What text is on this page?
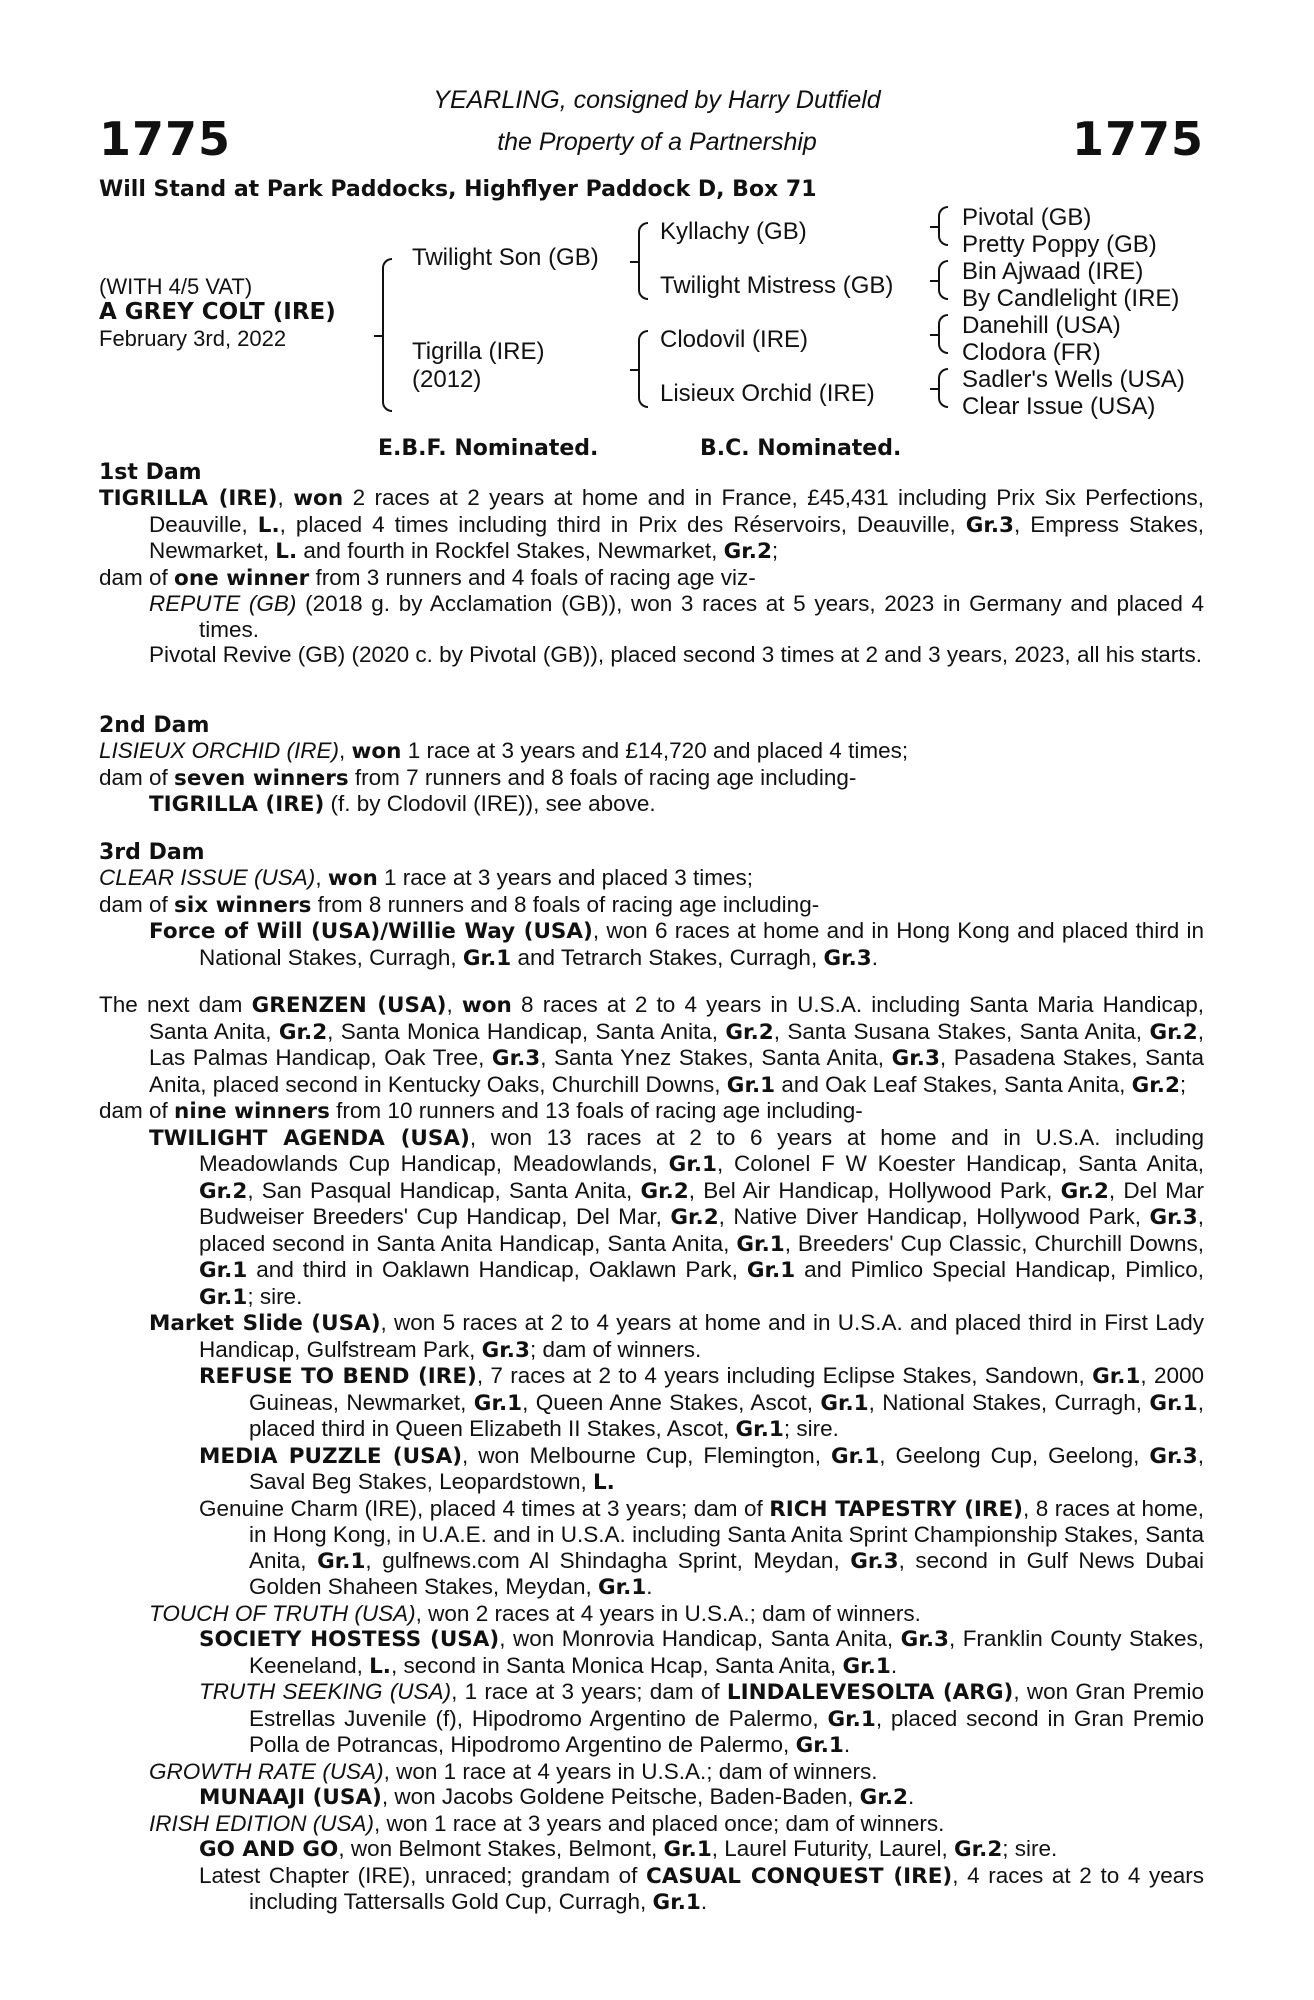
1775	1775
YEARLING, consigned by Harry Dutfield
the Property of a Partnership
Will Stand at Park Paddocks, Highflyer Paddock D, Box 71
(WITH 4/5 VAT)
A GREY COLT (IRE)
February 3rd, 2022
Twilight Son (GB)
Tigrilla (IRE)
(2012)
Kyllachy (GB)
Twilight Mistress (GB)
Clodovil (IRE)
Lisieux Orchid (IRE)
Pivotal (GB)
Pretty Poppy (GB)
Bin Ajwaad (IRE)
By Candlelight (IRE)
Danehill (USA)
Clodora (FR)
Sadler's Wells (USA)
Clear Issue (USA)
E.B.F. Nominated.	B.C. Nominated.
1st Dam

TIGRILLA (IRE), won 2 races at 2 years at home and in France, £45,431 including Prix Six Perfections, Deauville, L., placed 4 times including third in Prix des Réservoirs, Deauville, Gr.3, Empress Stakes, Newmarket, L. and fourth in Rockfel Stakes, Newmarket, Gr.2;

dam of one winner from 3 runners and 4 foals of racing age viz-

REPUTE (GB) (2018 g. by Acclamation (GB)), won 3 races at 5 years, 2023 in Germany and placed 4 times.

Pivotal Revive (GB) (2020 c. by Pivotal (GB)), placed second 3 times at 2 and 3 years, 2023, all his starts.

2nd Dam

LISIEUX ORCHID (IRE), won 1 race at 3 years and £14,720 and placed 4 times;

dam of seven winners from 7 runners and 8 foals of racing age including-

TIGRILLA (IRE) (f. by Clodovil (IRE)), see above.

3rd Dam

CLEAR ISSUE (USA), won 1 race at 3 years and placed 3 times;

dam of six winners from 8 runners and 8 foals of racing age including-

Force of Will (USA)/Willie Way (USA), won 6 races at home and in Hong Kong and placed third in National Stakes, Curragh, Gr.1 and Tetrarch Stakes, Curragh, Gr.3.

The next dam GRENZEN (USA), won 8 races at 2 to 4 years in U.S.A. including Santa Maria Handicap, Santa Anita, Gr.2, Santa Monica Handicap, Santa Anita, Gr.2, Santa Susana Stakes, Santa Anita, Gr.2, Las Palmas Handicap, Oak Tree, Gr.3, Santa Ynez Stakes, Santa Anita, Gr.3, Pasadena Stakes, Santa Anita, placed second in Kentucky Oaks, Churchill Downs, Gr.1 and Oak Leaf Stakes, Santa Anita, Gr.2;

dam of nine winners from 10 runners and 13 foals of racing age including-

TWILIGHT AGENDA (USA), won 13 races at 2 to 6 years at home and in U.S.A. including Meadowlands Cup Handicap, Meadowlands, Gr.1, Colonel F W Koester Handicap, Santa Anita, Gr.2, San Pasqual Handicap, Santa Anita, Gr.2, Bel Air Handicap, Hollywood Park, Gr.2, Del Mar Budweiser Breeders' Cup Handicap, Del Mar, Gr.2, Native Diver Handicap, Hollywood Park, Gr.3, placed second in Santa Anita Handicap, Santa Anita, Gr.1, Breeders' Cup Classic, Churchill Downs, Gr.1 and third in Oaklawn Handicap, Oaklawn Park, Gr.1 and Pimlico Special Handicap, Pimlico, Gr.1; sire.

Market Slide (USA), won 5 races at 2 to 4 years at home and in U.S.A. and placed third in First Lady Handicap, Gulfstream Park, Gr.3; dam of winners.

REFUSE TO BEND (IRE), 7 races at 2 to 4 years including Eclipse Stakes, Sandown, Gr.1, 2000 Guineas, Newmarket, Gr.1, Queen Anne Stakes, Ascot, Gr.1, National Stakes, Curragh, Gr.1, placed third in Queen Elizabeth II Stakes, Ascot, Gr.1; sire.

MEDIA PUZZLE (USA), won Melbourne Cup, Flemington, Gr.1, Geelong Cup, Geelong, Gr.3, Saval Beg Stakes, Leopardstown, L.

Genuine Charm (IRE), placed 4 times at 3 years; dam of RICH TAPESTRY (IRE), 8 races at home, in Hong Kong, in U.A.E. and in U.S.A. including Santa Anita Sprint Championship Stakes, Santa Anita, Gr.1, gulfnews.com Al Shindagha Sprint, Meydan, Gr.3, second in Gulf News Dubai Golden Shaheen Stakes, Meydan, Gr.1.

TOUCH OF TRUTH (USA), won 2 races at 4 years in U.S.A.; dam of winners.

SOCIETY HOSTESS (USA), won Monrovia Handicap, Santa Anita, Gr.3, Franklin County Stakes, Keeneland, L., second in Santa Monica Hcap, Santa Anita, Gr.1.

TRUTH SEEKING (USA), 1 race at 3 years; dam of LINDALEVESOLTA (ARG), won Gran Premio Estrellas Juvenile (f), Hipodromo Argentino de Palermo, Gr.1, placed second in Gran Premio Polla de Potrancas, Hipodromo Argentino de Palermo, Gr.1.

GROWTH RATE (USA), won 1 race at 4 years in U.S.A.; dam of winners.

MUNAAJI (USA), won Jacobs Goldene Peitsche, Baden-Baden, Gr.2.

IRISH EDITION (USA), won 1 race at 3 years and placed once; dam of winners.

GO AND GO, won Belmont Stakes, Belmont, Gr.1, Laurel Futurity, Laurel, Gr.2; sire.

Latest Chapter (IRE), unraced; grandam of CASUAL CONQUEST (IRE), 4 races at 2 to 4 years including Tattersalls Gold Cup, Curragh, Gr.1.
